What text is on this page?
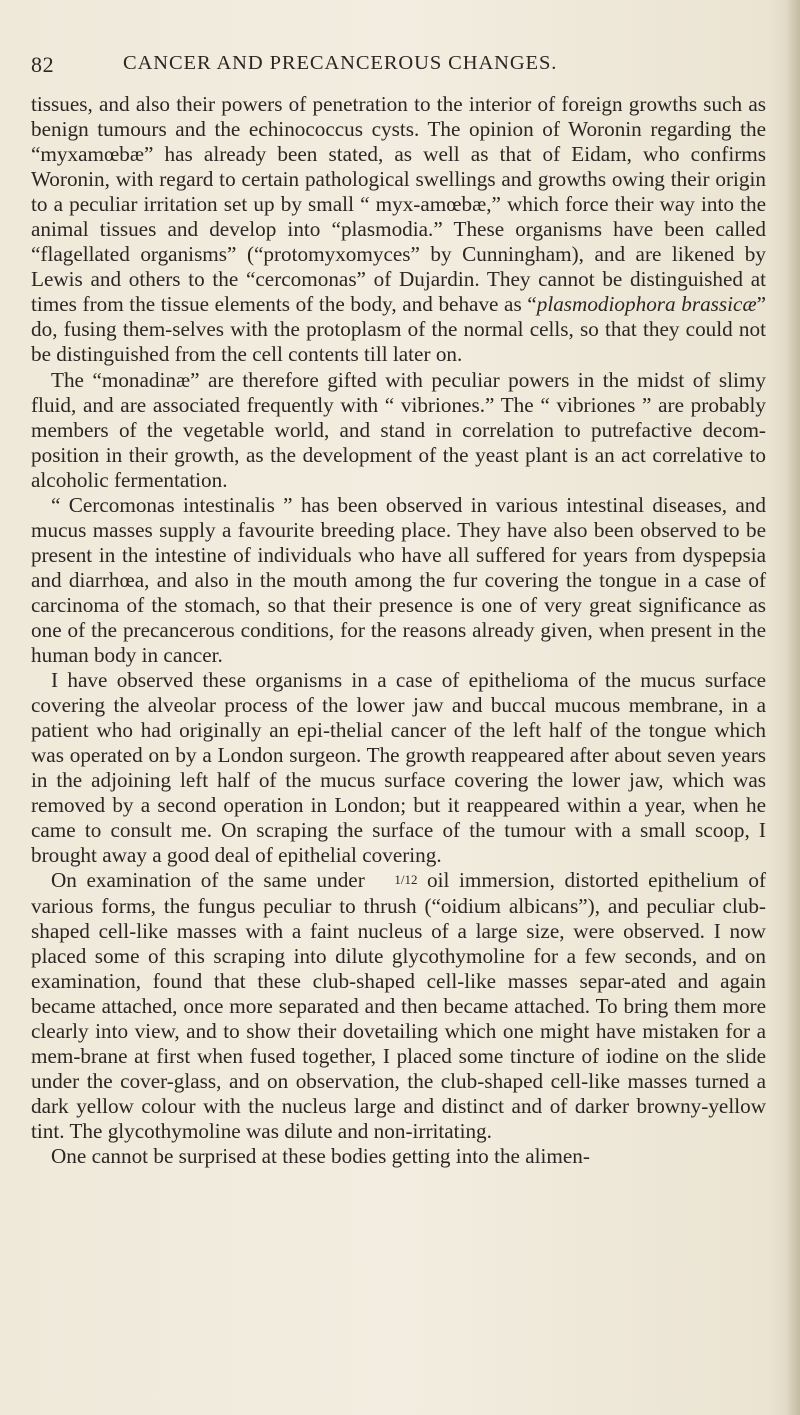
82	CANCER AND PRECANCEROUS CHANGES.

tissues, and also their powers of penetration to the interior of foreign growths such as benign tumours and the echinococcus cysts. The opinion of Woronin regarding the “myxamœbæ” has already been stated, as well as that of Eidam, who confirms Woronin, with regard to certain pathological swellings and growths owing their origin to a peculiar irritation set up by small “ myx-amœbæ,” which force their way into the animal tissues and develop into “plasmodia.” These organisms have been called “flagellated organisms” (“protomyxomyces” by Cunningham), and are likened by Lewis and others to the “cercomonas” of Dujardin. They cannot be distinguished at times from the tissue elements of the body, and behave as “plasmodiophora brassicæ” do, fusing them-selves with the protoplasm of the normal cells, so that they could not be distinguished from the cell contents till later on.

The “monadinæ” are therefore gifted with peculiar powers in the midst of slimy fluid, and are associated frequently with “ vibriones.” The “ vibriones ” are probably members of the vegetable world, and stand in correlation to putrefactive decom-position in their growth, as the development of the yeast plant is an act correlative to alcoholic fermentation.

“ Cercomonas intestinalis ” has been observed in various intestinal diseases, and mucus masses supply a favourite breeding place. They have also been observed to be present in the intestine of individuals who have all suffered for years from dyspepsia and diarrhœa, and also in the mouth among the fur covering the tongue in a case of carcinoma of the stomach, so that their presence is one of very great significance as one of the precancerous conditions, for the reasons already given, when present in the human body in cancer.

I have observed these organisms in a case of epithelioma of the mucus surface covering the alveolar process of the lower jaw and buccal mucous membrane, in a patient who had originally an epi-thelial cancer of the left half of the tongue which was operated on by a London surgeon. The growth reappeared after about seven years in the adjoining left half of the mucus surface covering the lower jaw, which was removed by a second operation in London; but it reappeared within a year, when he came to consult me. On scraping the surface of the tumour with a small scoop, I brought away a good deal of epithelial covering.

On examination of the same under 1/12 oil immersion, distorted epithelium of various forms, the fungus peculiar to thrush (“oidium albicans”), and peculiar club-shaped cell-like masses with a faint nucleus of a large size, were observed. I now placed some of this scraping into dilute glycothymoline for a few seconds, and on examination, found that these club-shaped cell-like masses separ-ated and again became attached, once more separated and then became attached. To bring them more clearly into view, and to show their dovetailing which one might have mistaken for a mem-brane at first when fused together, I placed some tincture of iodine on the slide under the cover-glass, and on observation, the club-shaped cell-like masses turned a dark yellow colour with the nucleus large and distinct and of darker browny-yellow tint. The glycothymoline was dilute and non-irritating.

One cannot be surprised at these bodies getting into the alimen-
